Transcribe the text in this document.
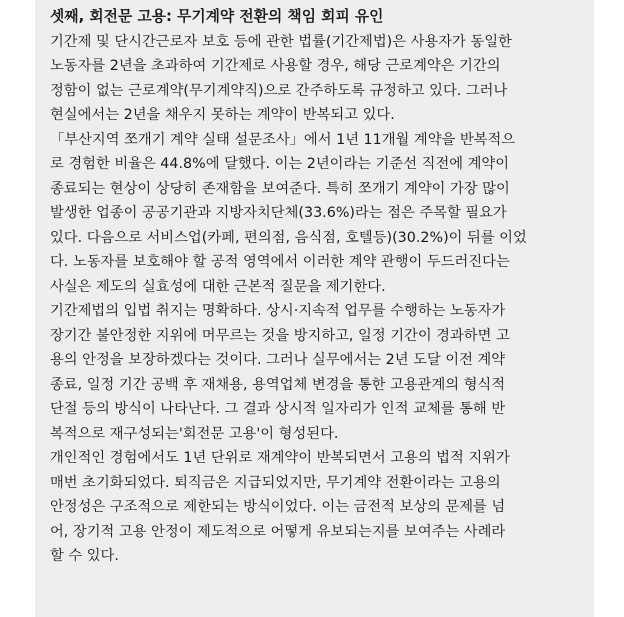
셋째, 회전문 고용: 무기계약 전환의 책임 회피 유인

기간제 및 단시간근로자 보호 등에 관한 법률(기간제법)은 사용자가 동일한

노동자를 2년을 초과하여 기간제로 사용할 경우, 해당 근로계약은 기간의

정함이 없는 근로계약(무기계약직)으로 간주하도록 규정하고 있다. 그러나

현실에서는 2년을 채우지 못하는 계약이 반복되고 있다.

「부산지역 쪼개기 계약 실태 설문조사」에서 1년 11개월 계약을 반복적으

로 경험한 비율은 44.8%에 달했다. 이는 2년이라는 기준선 직전에 계약이

종료되는 현상이 상당히 존재함을 보여준다. 특히 쪼개기 계약이 가장 많이

발생한 업종이 공공기관과 지방자치단체(33.6%)라는 점은 주목할 필요가

있다. 다음으로 서비스업(카페, 편의점, 음식점, 호텔등)(30.2%)이 뒤를 이었

다. 노동자를 보호해야 할 공적 영역에서 이러한 계약 관행이 두드러진다는

사실은 제도의 실효성에 대한 근본적 질문을 제기한다.

기간제법의 입법 취지는 명확하다. 상시·지속적 업무를 수행하는 노동자가

장기간 불안정한 지위에 머무르는 것을 방지하고, 일정 기간이 경과하면 고

용의 안정을 보장하겠다는 것이다. 그러나 실무에서는 2년 도달 이전 계약

종료, 일정 기간 공백 후 재채용, 용역업체 변경을 통한 고용관계의 형식적

단절 등의 방식이 나타난다. 그 결과 상시적 일자리가 인적 교체를 통해 반

복적으로 재구성되는'회전문 고용'이 형성된다.

개인적인 경험에서도 1년 단위로 재계약이 반복되면서 고용의 법적 지위가

매번 초기화되었다. 퇴직금은 지급되었지만, 무기계약 전환이라는 고용의

안정성은 구조적으로 제한되는 방식이었다. 이는 금전적 보상의 문제를 넘

어, 장기적 고용 안정이 제도적으로 어떻게 유보되는지를 보여주는 사례라

할 수 있다.
